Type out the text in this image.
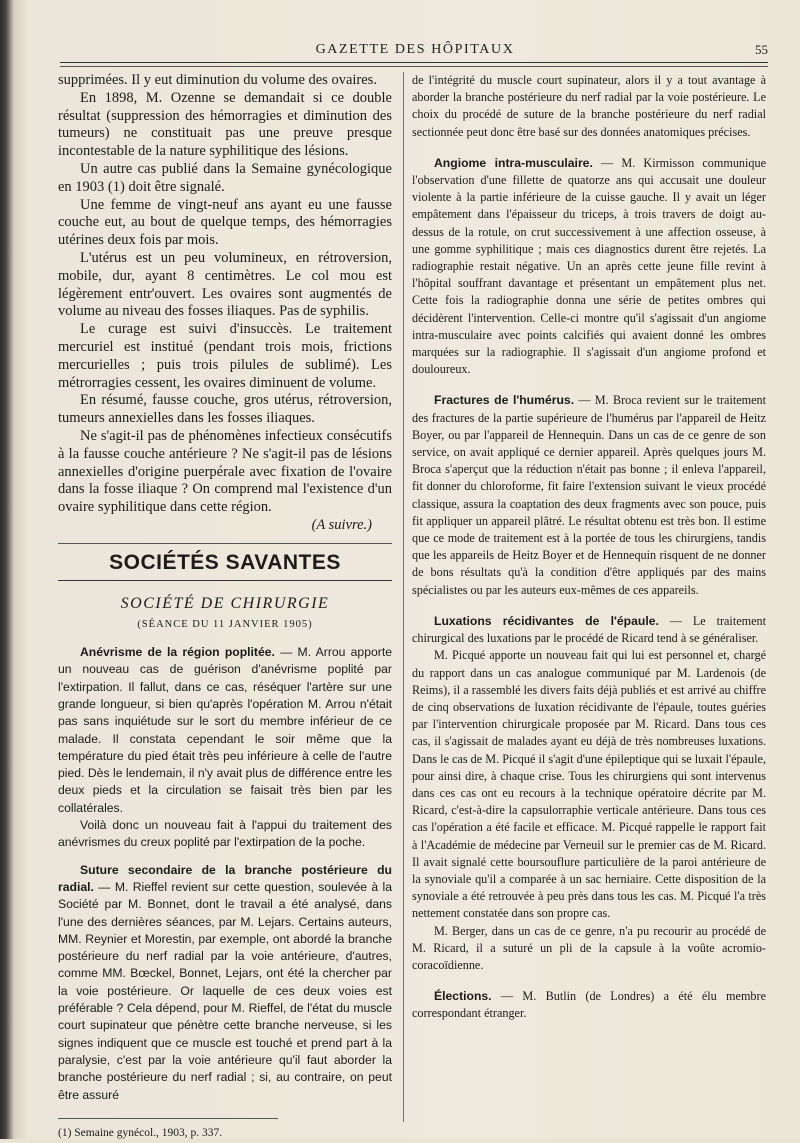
GAZETTE DES HÔPITAUX	55

supprimées. Il y eut diminution du volume des ovaires.

En 1898, M. Ozenne se demandait si ce double résultat (suppression des hémorragies et diminution des tumeurs) ne constituait pas une preuve presque incontestable de la nature syphilitique des lésions.

Un autre cas publié dans la Semaine gynécologique en 1903 (1) doit être signalé.

Une femme de vingt-neuf ans ayant eu une fausse couche eut, au bout de quelque temps, des hémorragies utérines deux fois par mois.

L'utérus est un peu volumineux, en rétroversion, mobile, dur, ayant 8 centimètres. Le col mou est légèrement entr'ouvert. Les ovaires sont augmentés de volume au niveau des fosses iliaques. Pas de syphilis.

Le curage est suivi d'insuccès. Le traitement mercuriel est institué (pendant trois mois, frictions mercurielles ; puis trois pilules de sublimé). Les métrorragies cessent, les ovaires diminuent de volume.

En résumé, fausse couche, gros utérus, rétroversion, tumeurs annexielles dans les fosses iliaques.

Ne s'agit-il pas de phénomènes infectieux consécutifs à la fausse couche antérieure ? Ne s'agit-il pas de lésions annexielles d'origine puerpérale avec fixation de l'ovaire dans la fosse iliaque ? On comprend mal l'existence d'un ovaire syphilitique dans cette région.

(A suivre.)
SOCIÉTÉS SAVANTES
SOCIÉTÉ DE CHIRURGIE
(SÉANCE DU 11 JANVIER 1905)

Anévrisme de la région poplitée. — M. Arrou apporte un nouveau cas de guérison d'anévrisme poplité par l'extirpation. Il fallut, dans ce cas, réséquer l'artère sur une grande longueur, si bien qu'après l'opération M. Arrou n'était pas sans inquiétude sur le sort du membre inférieur de ce malade. Il constata cependant le soir même que la température du pied était très peu inférieure à celle de l'autre pied. Dès le lendemain, il n'y avait plus de différence entre les deux pieds et la circulation se faisait très bien par les collatérales.

Voilà donc un nouveau fait à l'appui du traitement des anévrismes du creux poplité par l'extirpation de la poche.

Suture secondaire de la branche postérieure du radial. — M. Rieffel revient sur cette question, soulevée à la Société par M. Bonnet, dont le travail a été analysé, dans l'une des dernières séances, par M. Lejars. Certains auteurs, MM. Reynier et Morestin, par exemple, ont abordé la branche postérieure du nerf radial par la voie antérieure, d'autres, comme MM. Bœckel, Bonnet, Lejars, ont été la chercher par la voie postérieure. Or laquelle de ces deux voies est préférable ? Cela dépend, pour M. Rieffel, de l'état du muscle court supinateur que pénètre cette branche nerveuse, si les signes indiquent que ce muscle est touché et prend part à la paralysie, c'est par la voie antérieure qu'il faut aborder la branche postérieure du nerf radial ; si, au contraire, on peut être assuré

(1) Semaine gynécol., 1903, p. 337.

de l'intégrité du muscle court supinateur, alors il y a tout avantage à aborder la branche postérieure du nerf radial par la voie postérieure. Le choix du procédé de suture de la branche postérieure du nerf radial sectionnée peut donc être basé sur des données anatomiques précises.

Angiome intra-musculaire. — M. Kirmisson communique l'observation d'une fillette de quatorze ans qui accusait une douleur violente à la partie inférieure de la cuisse gauche. Il y avait un léger empâtement dans l'épaisseur du triceps, à trois travers de doigt au-dessus de la rotule, on crut successivement à une affection osseuse, à une gomme syphilitique ; mais ces diagnostics durent être rejetés. La radiographie restait négative. Un an après cette jeune fille revint à l'hôpital souffrant davantage et présentant un empâtement plus net. Cette fois la radiographie donna une série de petites ombres qui décidèrent l'intervention. Celle-ci montre qu'il s'agissait d'un angiome intra-musculaire avec points calcifiés qui avaient donné les ombres marquées sur la radiographie. Il s'agissait d'un angiome profond et douloureux.

Fractures de l'humérus. — M. Broca revient sur le traitement des fractures de la partie supérieure de l'humérus par l'appareil de Heitz Boyer, ou par l'appareil de Hennequin. Dans un cas de ce genre de son service, on avait appliqué ce dernier appareil. Après quelques jours M. Broca s'aperçut que la réduction n'était pas bonne ; il enleva l'appareil, fit donner du chloroforme, fit faire l'extension suivant le vieux procédé classique, assura la coaptation des deux fragments avec son pouce, puis fit appliquer un appareil plâtré. Le résultat obtenu est très bon. Il estime que ce mode de traitement est à la portée de tous les chirurgiens, tandis que les appareils de Heitz Boyer et de Hennequin risquent de ne donner de bons résultats qu'à la condition d'être appliqués par des mains spécialistes ou par les auteurs eux-mêmes de ces appareils.

Luxations récidivantes de l'épaule. — Le traitement chirurgical des luxations par le procédé de Ricard tend à se généraliser.

M. Picqué apporte un nouveau fait qui lui est personnel et, chargé du rapport dans un cas analogue communiqué par M. Lardenois (de Reims), il a rassemblé les divers faits déjà publiés et est arrivé au chiffre de cinq observations de luxation récidivante de l'épaule, toutes guéries par l'intervention chirurgicale proposée par M. Ricard. Dans tous ces cas, il s'agissait de malades ayant eu déjà de très nombreuses luxations. Dans le cas de M. Picqué il s'agit d'une épileptique qui se luxait l'épaule, pour ainsi dire, à chaque crise. Tous les chirurgiens qui sont intervenus dans ces cas ont eu recours à la technique opératoire décrite par M. Ricard, c'est-à-dire la capsulorraphie verticale antérieure. Dans tous ces cas l'opération a été facile et efficace. M. Picqué rappelle le rapport fait à l'Académie de médecine par Verneuil sur le premier cas de M. Ricard. Il avait signalé cette boursouflure particulière de la paroi antérieure de la synoviale qu'il a comparée à un sac herniaire. Cette disposition de la synoviale a été retrouvée à peu près dans tous les cas. M. Picqué l'a très nettement constatée dans son propre cas.

M. Berger, dans un cas de ce genre, n'a pu recourir au procédé de M. Ricard, il a suturé un pli de la capsule à la voûte acromio-coracoïdienne.

Élections. — M. Butlin (de Londres) a été élu membre correspondant étranger.
